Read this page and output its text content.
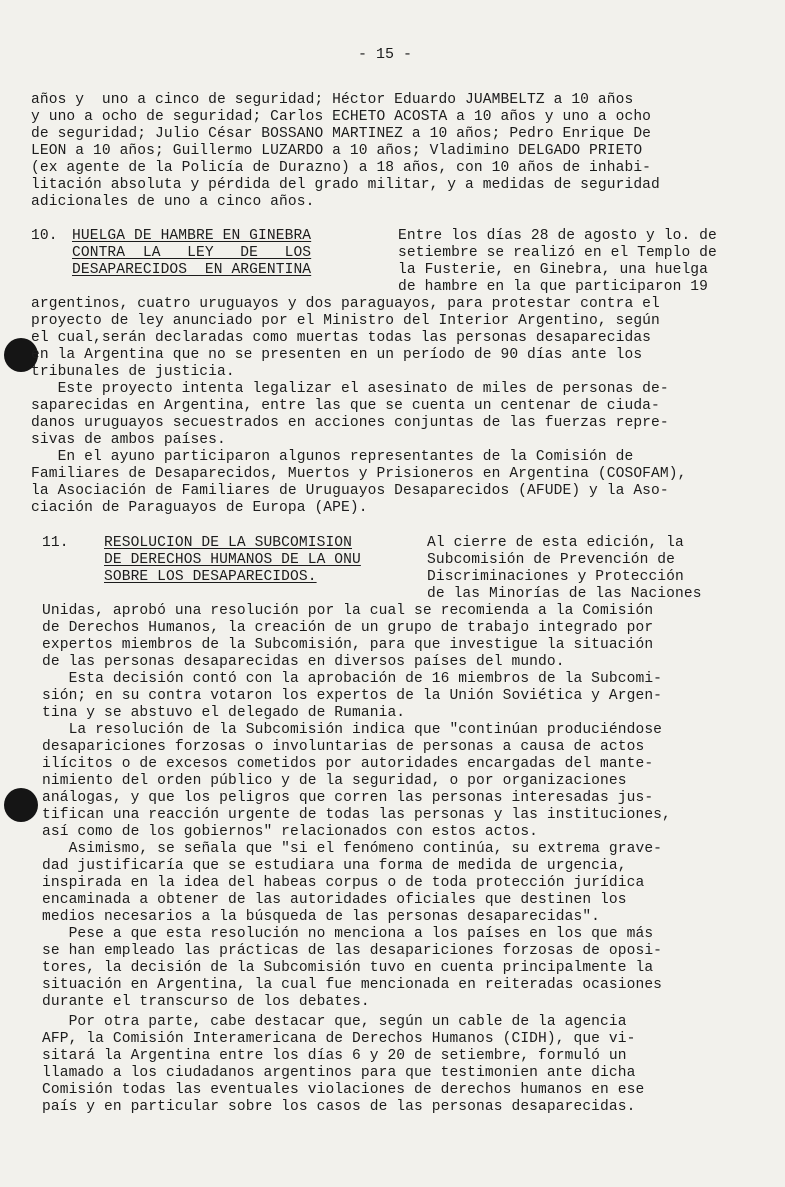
- 15 -
años y  uno a cinco de seguridad; Héctor Eduardo JUAMBELTZ a 10 años
y uno a ocho de seguridad; Carlos ECHETO ACOSTA a 10 años y uno a ocho
de seguridad; Julio César BOSSANO MARTINEZ a 10 años; Pedro Enrique De
LEON a 10 años; Guillermo LUZARDO a 10 años; Vladimino DELGADO PRIETO
(ex agente de la Policía de Durazno) a 18 años, con 10 años de inhabi-
litación absoluta y pérdida del grado militar, y a medidas de seguridad
adicionales de uno a cinco años.
10. HUELGA DE HAMBRE EN GINEBRA
CONTRA  LA   LEY   DE   LOS
DESAPARECIDOS  EN ARGENTINA
Entre los días 28 de agosto y lo. de
setiembre se realizó en el Templo de
la Fusterie, en Ginebra, una huelga
de hambre en la que participaron 19
argentinos, cuatro uruguayos y dos paraguayos, para protestar contra el
proyecto de ley anunciado por el Ministro del Interior Argentino, según
el cual,serán declaradas como muertas todas las personas desaparecidas
en la Argentina que no se presenten en un período de 90 días ante los
tribunales de justicia.
Este proyecto intenta legalizar el asesinato de miles de personas de-
saparecidas en Argentina, entre las que se cuenta un centenar de ciuda-
danos uruguayos secuestrados en acciones conjuntas de las fuerzas repre-
sivas de ambos países.
En el ayuno participaron algunos representantes de la Comisión de
Familiares de Desaparecidos, Muertos y Prisioneros en Argentina (COSOFAM),
la Asociación de Familiares de Uruguayos Desaparecidos (AFUDE) y la Aso-
ciación de Paraguayos de Europa (APE).
11. RESOLUCION DE LA SUBCOMISION
DE DERECHOS HUMANOS DE LA ONU
SOBRE LOS DESAPARECIDOS.
Al cierre de esta edición, la
Subcomisión de Prevención de
Discriminaciones y Protección
de las Minorías de las Naciones
Unidas, aprobó una resolución por la cual se recomienda a la Comisión
de Derechos Humanos, la creación de un grupo de trabajo integrado por
expertos miembros de la Subcomisión, para que investigue la situación
de las personas desaparecidas en diversos países del mundo.
Esta decisión contó con la aprobación de 16 miembros de la Subcomi-
sión; en su contra votaron los expertos de la Unión Soviética y Argen-
tina y se abstuvo el delegado de Rumania.
La resolución de la Subcomisión indica que "continúan produciéndose
desapariciones forzosas o involuntarias de personas a causa de actos
ilícitos o de excesos cometidos por autoridades encargadas del mante-
nimiento del orden público y de la seguridad, o por organizaciones
análogas, y que los peligros que corren las personas interesadas jus-
tifican una reacción urgente de todas las personas y las instituciones,
así como de los gobiernos" relacionados con estos actos.
Asimismo, se señala que "si el fenómeno continúa, su extrema grave-
dad justificaría que se estudiara una forma de medida de urgencia,
inspirada en la idea del habeas corpus o de toda protección jurídica
encaminada a obtener de las autoridades oficiales que destinen los
medios necesarios a la búsqueda de las personas desaparecidas".
Pese a que esta resolución no menciona a los países en los que más
se han empleado las prácticas de las desapariciones forzosas de oposi-
tores, la decisión de la Subcomisión tuvo en cuenta principalmente la
situación en Argentina, la cual fue mencionada en reiteradas ocasiones
durante el transcurso de los debates.
Por otra parte, cabe destacar que, según un cable de la agencia
AFP, la Comisión Interamericana de Derechos Humanos (CIDH), que vi-
sitará la Argentina entre los días 6 y 20 de setiembre, formuló un
llamado a los ciudadanos argentinos para que testimonien ante dicha
Comisión todas las eventuales violaciones de derechos humanos en ese
país y en particular sobre los casos de las personas desaparecidas.
